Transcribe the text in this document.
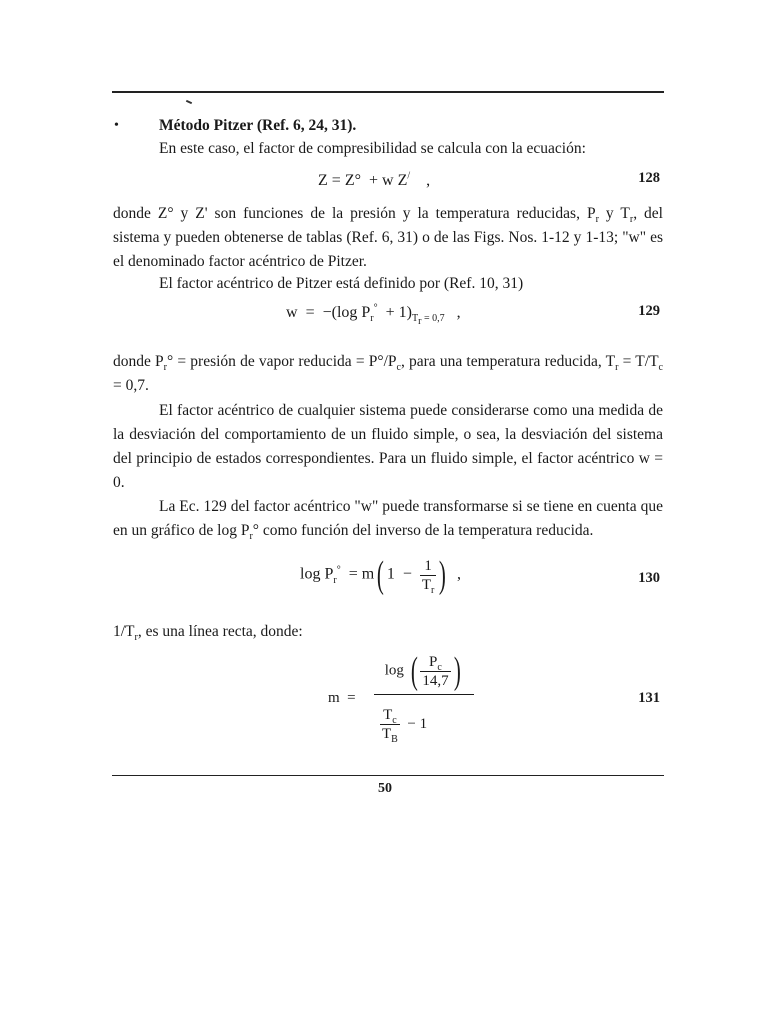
•	Método Pitzer (Ref. 6, 24, 31).
En este caso, el factor de compresibilidad se calcula con la ecuación:
Z = Z° + w Z/ ,	128
donde Z° y Z' son funciones de la presión y la temperatura reducidas, $P_r$ y $T_r$, del sistema y pueden obtenerse de tablas (Ref. 6, 31) o de las Figs. Nos. 1-12 y 1-13; "w" es el denominado factor acéntrico de Pitzer.
El factor acéntrico de Pitzer está definido por (Ref. 10, 31)
w = −(log $P_r^\circ + 1)_{T_r = 0,7}$ ,	129
donde $P_r^\circ$ = presión de vapor reducida = $P^\circ/P_c$, para una temperatura reducida, $T_r = T/T_c = 0,7$.
El factor acéntrico de cualquier sistema puede considerarse como una medida de la desviación del comportamiento de un fluido simple, o sea, la desviación del sistema del principio de estados correspondientes. Para un fluido simple, el factor acéntrico w = 0.
La Ec. 129 del factor acéntrico "w" puede transformarse si se tiene en cuenta que en un gráfico de $\log P_r^\circ$ como función del inverso de la temperatura reducida.
$\log P_r^\circ = m$( $1 - \frac{1}{T_r}$ ) ,	130
$1/T_r$, es una línea recta, donde:
m =
log ( $\frac{P_c}{14,7}$ )
$\frac{T_c}{T_B} - 1$
131
50
